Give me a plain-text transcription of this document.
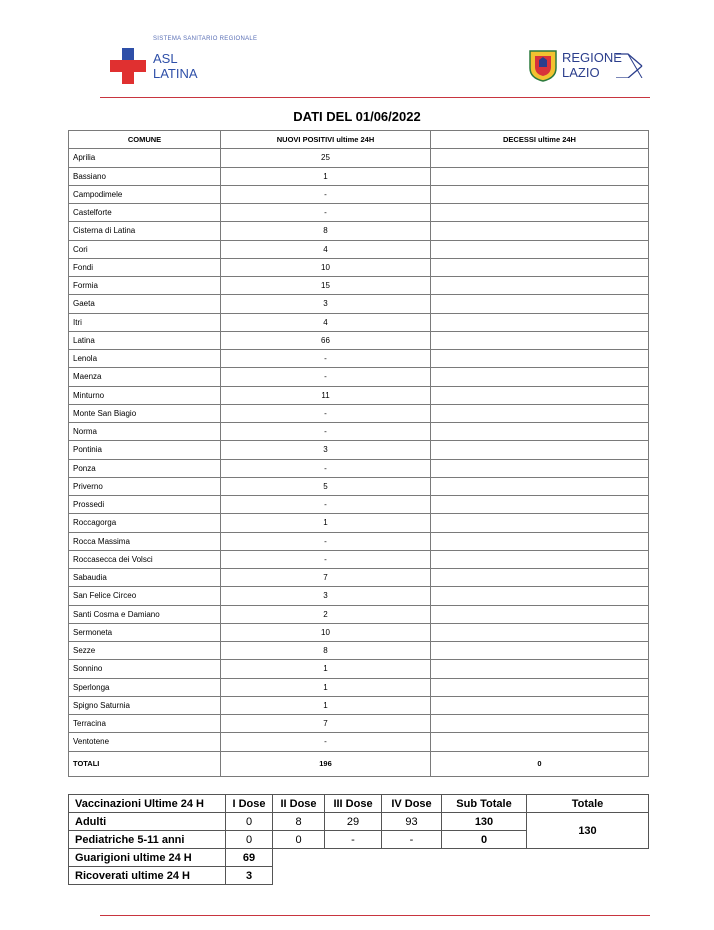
SISTEMA SANITARIO REGIONALE
ASL
LATINA
REGIONE
LAZIO
DATI DEL 01/06/2022
COMUNE	NUOVI POSITIVI ultime 24H	DECESSI ultime 24H
Aprilia	25	
Bassiano	1	
Campodimele	-	
Castelforte	-	
Cisterna di Latina	8	
Cori	4	
Fondi	10	
Formia	15	
Gaeta	3	
Itri	4	
Latina	66	
Lenola	-	
Maenza	-	
Minturno	11	
Monte San Biagio	-	
Norma	-	
Pontinia	3	
Ponza	-	
Priverno	5	
Prossedi	-	
Roccagorga	1	
Rocca Massima	-	
Roccasecca dei Volsci	-	
Sabaudia	7	
San Felice Circeo	3	
Santi Cosma e Damiano	2	
Sermoneta	10	
Sezze	8	
Sonnino	1	
Sperlonga	1	
Spigno Saturnia	1	
Terracina	7	
Ventotene	-	
TOTALI	196	0
Vaccinazioni Ultime 24 H	I Dose	II Dose	III Dose	IV Dose	Sub Totale	Totale
Adulti	0	8	29	93	130	130
Pediatriche 5-11 anni	0	0	-	-	0	
Guarigioni ultime 24 H	69					
Ricoverati ultime 24 H	3					
